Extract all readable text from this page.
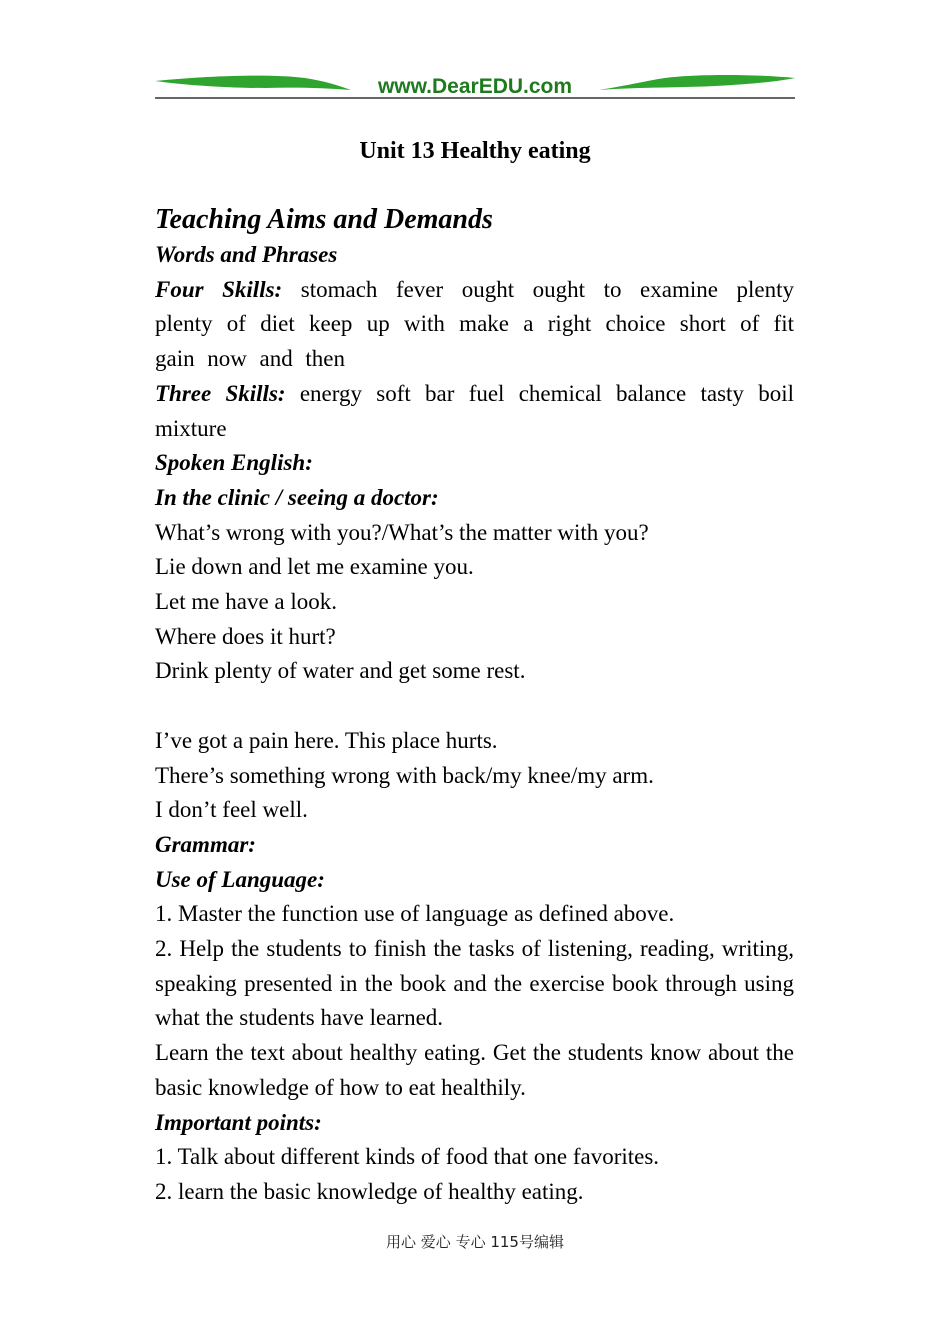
www.DearEDU.com
Unit 13 Healthy eating

Teaching Aims and Demands

Words and Phrases

Four Skills: stomach fever ought ought to examine plenty plenty of diet keep up with make a right choice short of fit gain now and then

Three Skills: energy soft bar fuel chemical balance tasty boil mixture

Spoken English:

In the clinic / seeing a doctor:

What’s wrong with you?/What’s the matter with you?

Lie down and let me examine you.

Let me have a look.

Where does it hurt?

Drink plenty of water and get some rest.

I’ve got a pain here. This place hurts.

There’s something wrong with back/my knee/my arm.

I don’t feel well.

Grammar:

Use of Language:

1. Master the function use of language as defined above.

2. Help the students to finish the tasks of listening, reading, writing, speaking presented in the book and the exercise book through using what the students have learned.

Learn the text about healthy eating. Get the students know about the basic knowledge of how to eat healthily.

Important points:

1. Talk about different kinds of food that one favorites.

2. learn the basic knowledge of healthy eating.

用心 爱心 专心 115号编辑
